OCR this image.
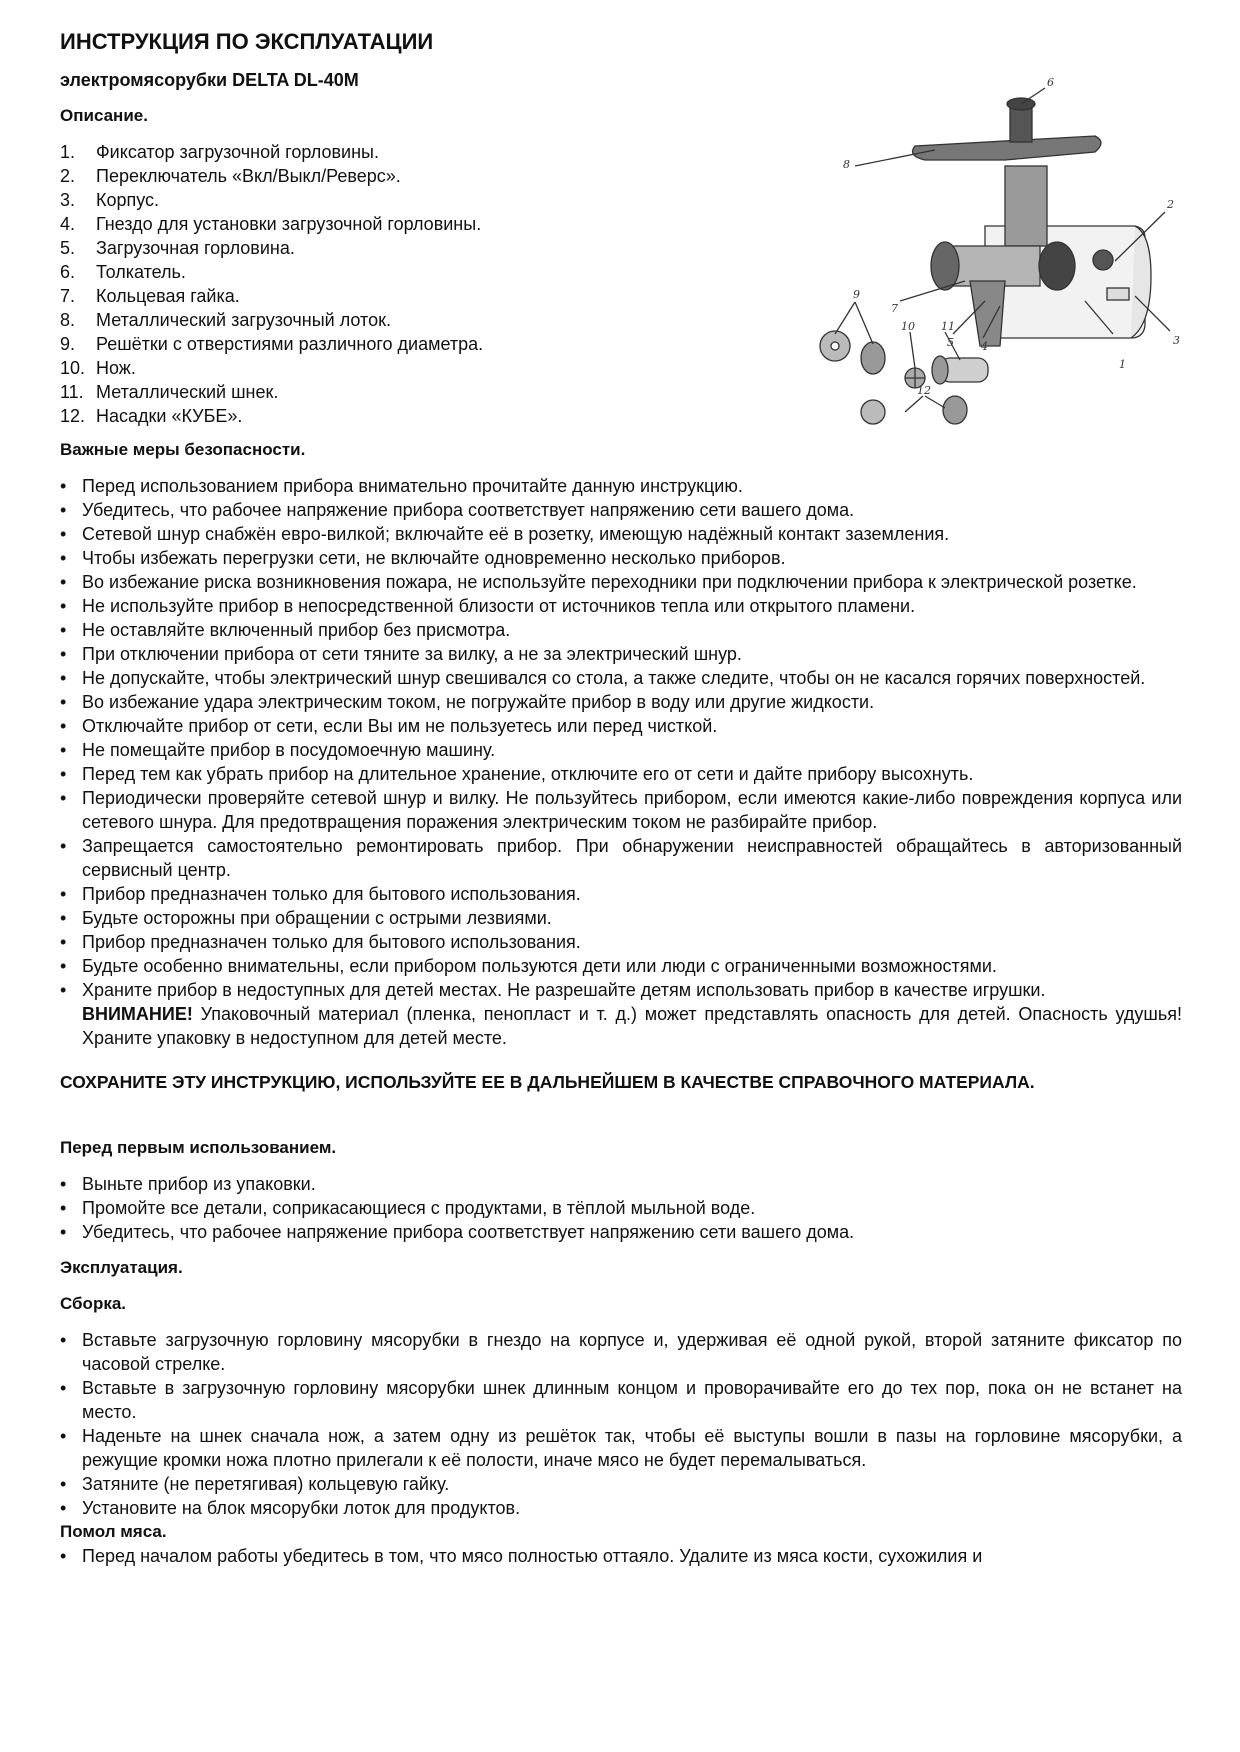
ИНСТРУКЦИЯ ПО ЭКСПЛУАТАЦИИ
электромясорубки DELTA DL-40M
Описание.
1.	Фиксатор загрузочной горловины.
2.	Переключатель «Вкл/Выкл/Реверс».
3.	Корпус.
4.	Гнездо для установки загрузочной горловины.
5.	Загрузочная горловина.
6.	Толкатель.
7.	Кольцевая гайка.
8.	Металлический загрузочный лоток.
9.	Решётки с отверстиями различного диаметра.
10. Нож.
11. Металлический шнек.
12. Насадки «КУБЕ».
Важные меры безопасности.
• Перед использованием прибора внимательно прочитайте данную инструкцию.
• Убедитесь, что рабочее напряжение прибора соответствует напряжению сети вашего дома.
• Сетевой шнур снабжён евро-вилкой; включайте её в розетку, имеющую надёжный контакт заземления.
• Чтобы избежать перегрузки сети, не включайте одновременно несколько приборов.
• Во избежание риска возникновения пожара, не используйте переходники при подключении прибора к электрической розетке.
• Не используйте прибор в непосредственной близости от источников тепла или открытого пламени.
• Не оставляйте включенный прибор без присмотра.
• При отключении прибора от сети тяните за вилку, а не за электрический шнур.
• Не допускайте, чтобы электрический шнур свешивался со стола, а также следите, чтобы он не касался горячих поверхностей.
• Во избежание удара электрическим током, не погружайте прибор в воду или другие жидкости.
• Отключайте прибор от сети, если Вы им не пользуетесь или перед чисткой.
• Не помещайте прибор в посудомоечную машину.
• Перед тем как убрать прибор на длительное хранение, отключите его от сети и дайте прибору высохнуть.
• Периодически проверяйте сетевой шнур и вилку. Не пользуйтесь прибором, если имеются какие-либо повреждения корпуса или сетевого шнура. Для предотвращения поражения электрическим током не разбирайте прибор.
• Запрещается самостоятельно ремонтировать прибор. При обнаружении неисправностей обращайтесь в авторизованный сервисный центр.
• Прибор предназначен только для бытового использования.
• Будьте осторожны при обращении с острыми лезвиями.
• Прибор предназначен только для бытового использования.
• Будьте особенно внимательны, если прибором пользуются дети или люди с ограниченными возможностями.
• Храните прибор в недоступных для детей местах. Не разрешайте детям использовать прибор в качестве игрушки.
ВНИМАНИЕ! Упаковочный материал (пленка, пенопласт и т. д.) может представлять опасность для детей. Опасность удушья! Храните упаковку в недоступном для детей месте.
СОХРАНИТЕ ЭТУ ИНСТРУКЦИЮ, ИСПОЛЬЗУЙТЕ ЕЕ В ДАЛЬНЕЙШЕМ В КАЧЕСТВЕ СПРАВОЧНОГО МАТЕРИАЛА.
Перед первым использованием.
• Выньте прибор из упаковки.
• Промойте все детали, соприкасающиеся с продуктами, в тёплой мыльной воде.
• Убедитесь, что рабочее напряжение прибора соответствует напряжению сети вашего дома.
Эксплуатация.
Сборка.
• Вставьте загрузочную горловину мясорубки в гнездо на корпусе и, удерживая её одной рукой, второй затяните фиксатор по часовой стрелке.
• Вставьте в загрузочную горловину мясорубки шнек длинным концом и проворачивайте его до тех пор, пока он не встанет на место.
• Наденьте на шнек сначала нож, а затем одну из решёток так, чтобы её выступы вошли в пазы на горловине мясорубки, а режущие кромки ножа плотно прилегали к её полости, иначе мясо не будет перемалываться.
• Затяните (не перетягивая) кольцевую гайку.
• Установите на блок мясорубки лоток для продуктов.
Помол мяса.
• Перед началом работы убедитесь в том, что мясо полностью оттаяло. Удалите из мяса кости, сухожилия и
1
2
3
4
5
6
7
8
9
10 11
12
